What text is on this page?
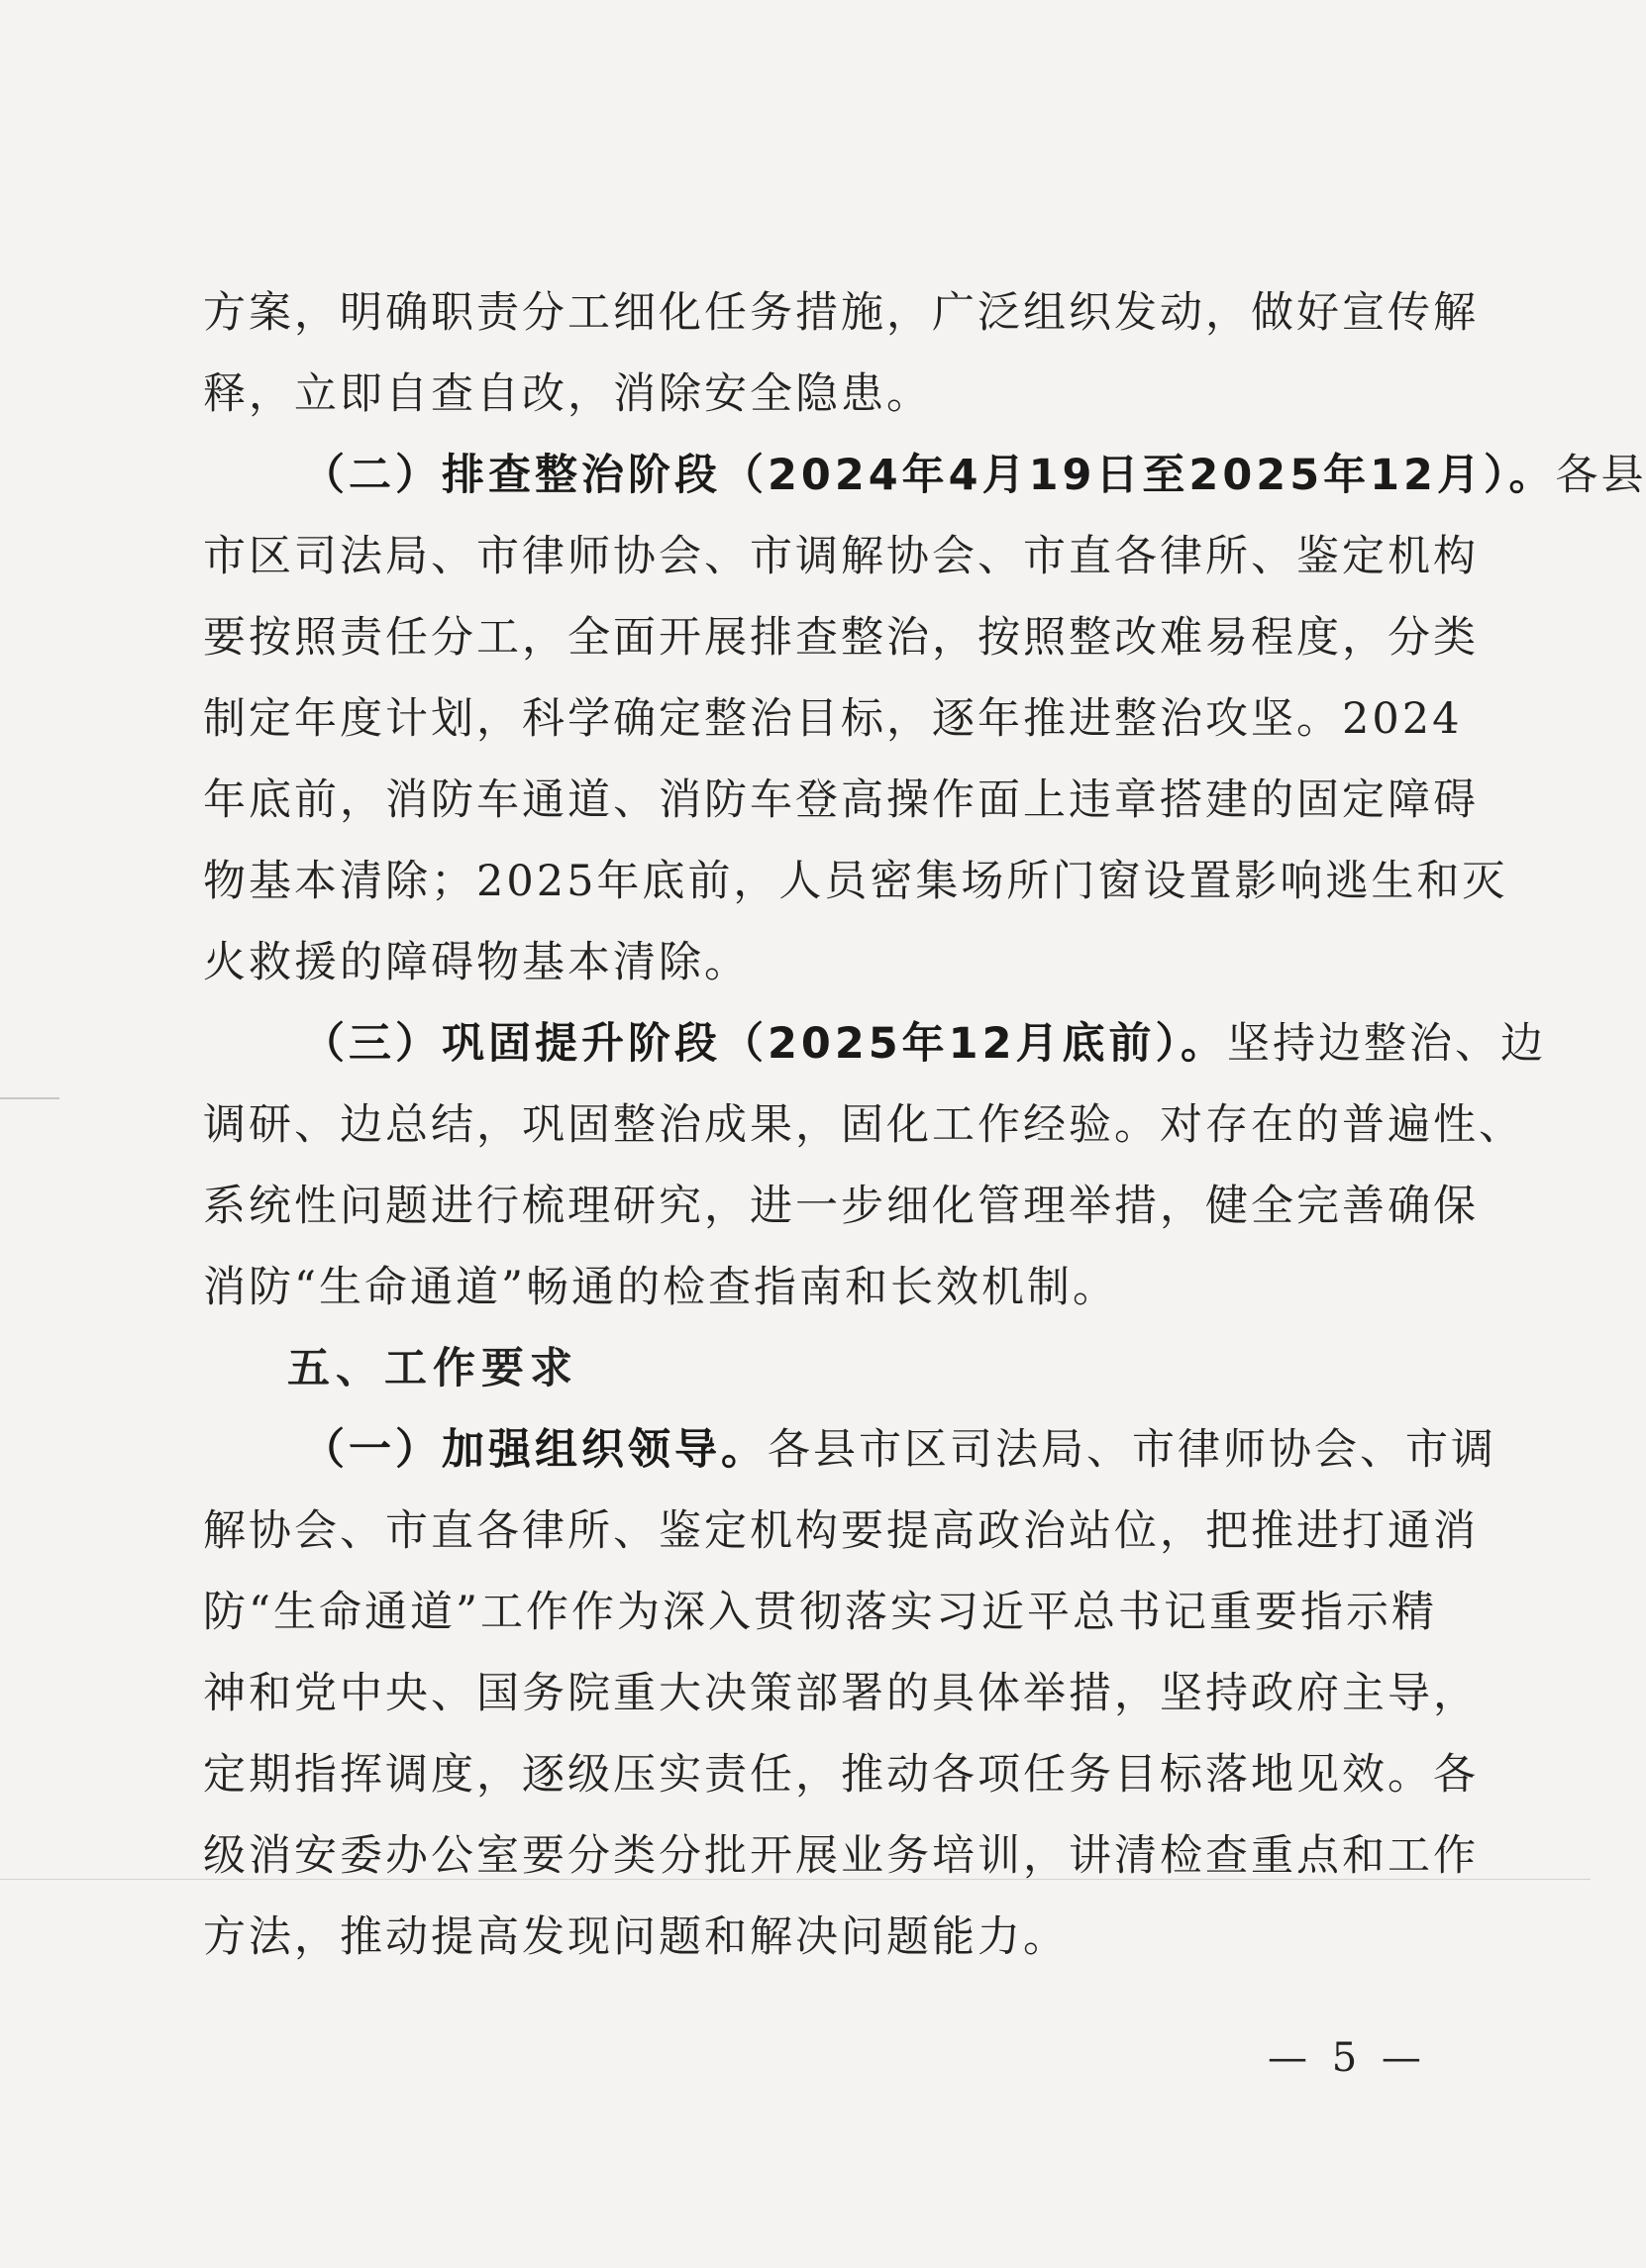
方案，明确职责分工细化任务措施，广泛组织发动，做好宣传解

释，立即自查自改，消除安全隐患。

（二）排查整治阶段（2024年4月19日至2025年12月）。各县

市区司法局、市律师协会、市调解协会、市直各律所、鉴定机构

要按照责任分工，全面开展排查整治，按照整改难易程度，分类

制定年度计划，科学确定整治目标，逐年推进整治攻坚。2024

年底前，消防车通道、消防车登高操作面上违章搭建的固定障碍

物基本清除；2025年底前，人员密集场所门窗设置影响逃生和灭

火救援的障碍物基本清除。

（三）巩固提升阶段（2025年12月底前）。坚持边整治、边

调研、边总结，巩固整治成果，固化工作经验。对存在的普遍性、

系统性问题进行梳理研究，进一步细化管理举措，健全完善确保

消防“生命通道”畅通的检查指南和长效机制。

五、工作要求

（一）加强组织领导。各县市区司法局、市律师协会、市调

解协会、市直各律所、鉴定机构要提高政治站位，把推进打通消

防“生命通道”工作作为深入贯彻落实习近平总书记重要指示精

神和党中央、国务院重大决策部署的具体举措，坚持政府主导，

定期指挥调度，逐级压实责任，推动各项任务目标落地见效。各

级消安委办公室要分类分批开展业务培训，讲清检查重点和工作

方法，推动提高发现问题和解决问题能力。

— 5 —
